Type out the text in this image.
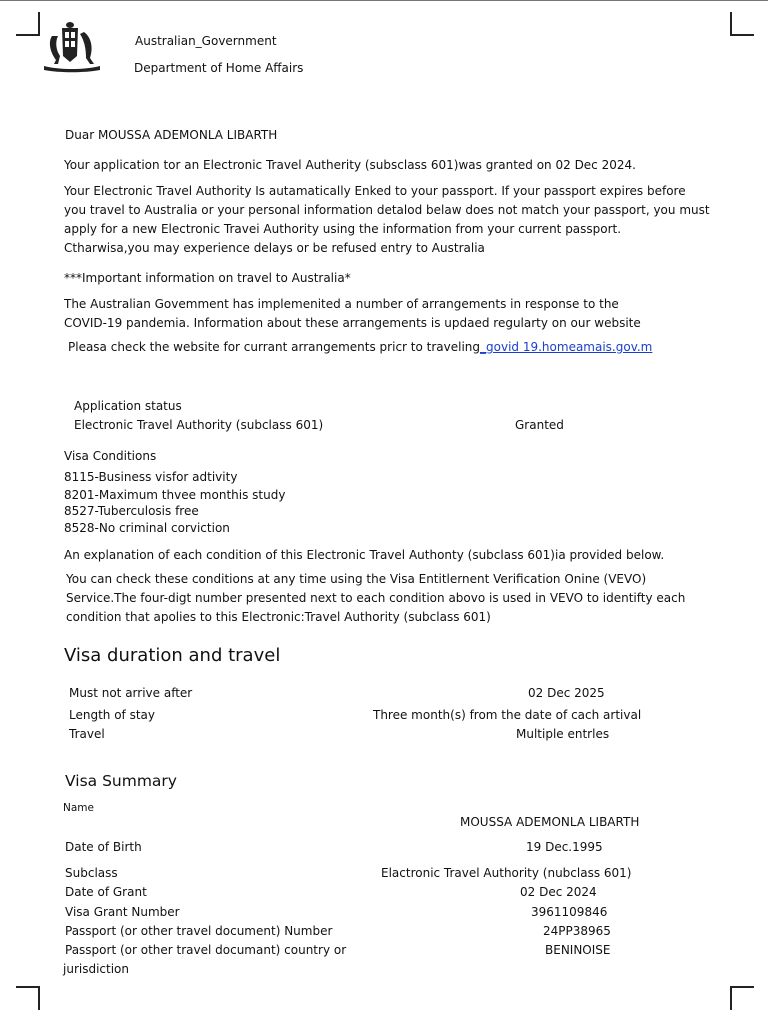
Australian_Government
Department of Home Affairs
Duar MOUSSA ADEMONLA LIBARTH
Your application tor an Electronic Travel Autherity (subsclass 601)was granted on 02 Dec 2024.
Your Electronic Travel Authority Is autamatically Enked to your passport. If your passport expires before
you travel to Australia or your personal information detalod belaw does not match your passport, you must
apply for a new Electronic Travei Authority using the information from your current passport.
Ctharwisa,you may experience delays or be refused entry to Australia
***Important information on travel to Australia*
The Australian Govemment has implemenited a number of arrangements in response to the
COVID-19 pandemia. Information about these arrangements is updaed regularty on our website
Pleasa check the website for currant arrangements pricr to traveling_govid 19.homeamais.gov.m
Application status
Electronic Travel Authority (subclass 601)	Granted
Visa Conditions
8115-Business visfor adtivity
8201-Maximum thvee monthis study
8527-Tuberculosis free
8528-No criminal corviction
An explanation of each condition of this Electronic Travel Authonty (subclass 601)ia provided below.
You can check these conditions at any time using the Visa Entitlernent Verification Onine (VEVO)
Service.The four-digt number presented next to each condition abovo is used in VEVO to identifty each
condition that apolies to this Electronic:Travel Authority (subclass 601)
Visa duration and travel
Must not arrive after	02 Dec 2025
Length of stay	Three month(s) from the date of cach artival
Travel	Multiple entrles
Visa Summary
Name
MOUSSA ADEMONLA LIBARTH
Date of Birth	19 Dec.1995
Subclass	Elactronic Travel Authority (nubclass 601)
Date of Grant	02 Dec 2024
Visa Grant Number	3961109846
Passport (or other travel document) Number	24PP38965
Passport (or other travel documant) country or	BENINOISE
jurisdiction
